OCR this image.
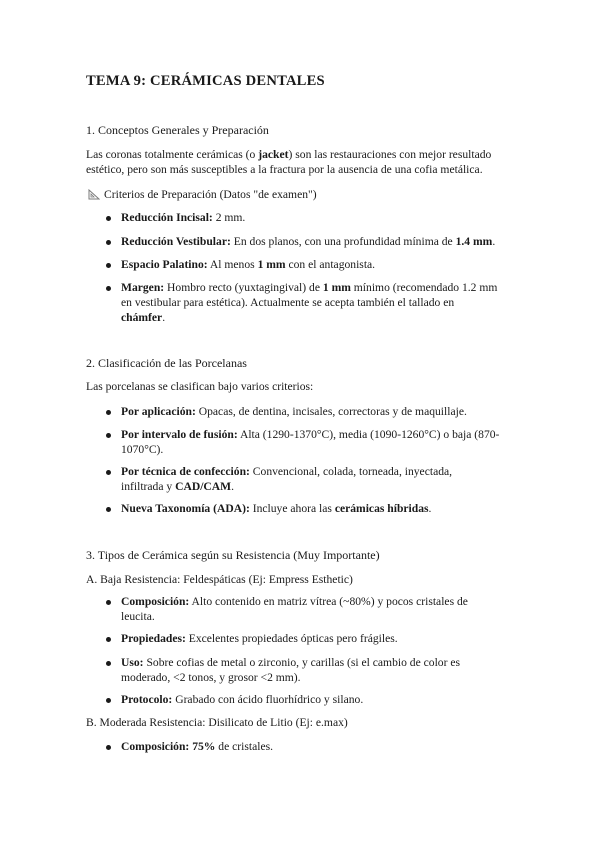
TEMA 9: CERÁMICAS DENTALES
1. Conceptos Generales y Preparación
Las coronas totalmente cerámicas (o jacket) son las restauraciones con mejor resultado estético, pero son más susceptibles a la fractura por la ausencia de una cofia metálica.
Criterios de Preparación (Datos "de examen")
Reducción Incisal: 2 mm.
Reducción Vestibular: En dos planos, con una profundidad mínima de 1.4 mm.
Espacio Palatino: Al menos 1 mm con el antagonista.
Margen: Hombro recto (yuxtagingival) de 1 mm mínimo (recomendado 1.2 mm en vestibular para estética). Actualmente se acepta también el tallado en chámfer.
2. Clasificación de las Porcelanas
Las porcelanas se clasifican bajo varios criterios:
Por aplicación: Opacas, de dentina, incisales, correctoras y de maquillaje.
Por intervalo de fusión: Alta (1290-1370°C), media (1090-1260°C) o baja (870-1070°C).
Por técnica de confección: Convencional, colada, torneada, inyectada, infiltrada y CAD/CAM.
Nueva Taxonomía (ADA): Incluye ahora las cerámicas híbridas.
3. Tipos de Cerámica según su Resistencia (Muy Importante)
A. Baja Resistencia: Feldespáticas (Ej: Empress Esthetic)
Composición: Alto contenido en matriz vítrea (~80%) y pocos cristales de leucita.
Propiedades: Excelentes propiedades ópticas pero frágiles.
Uso: Sobre cofias de metal o zirconio, y carillas (si el cambio de color es moderado, <2 tonos, y grosor <2 mm).
Protocolo: Grabado con ácido fluorhídrico y silano.
B. Moderada Resistencia: Disilicato de Litio (Ej: e.max)
Composición: 75% de cristales.
